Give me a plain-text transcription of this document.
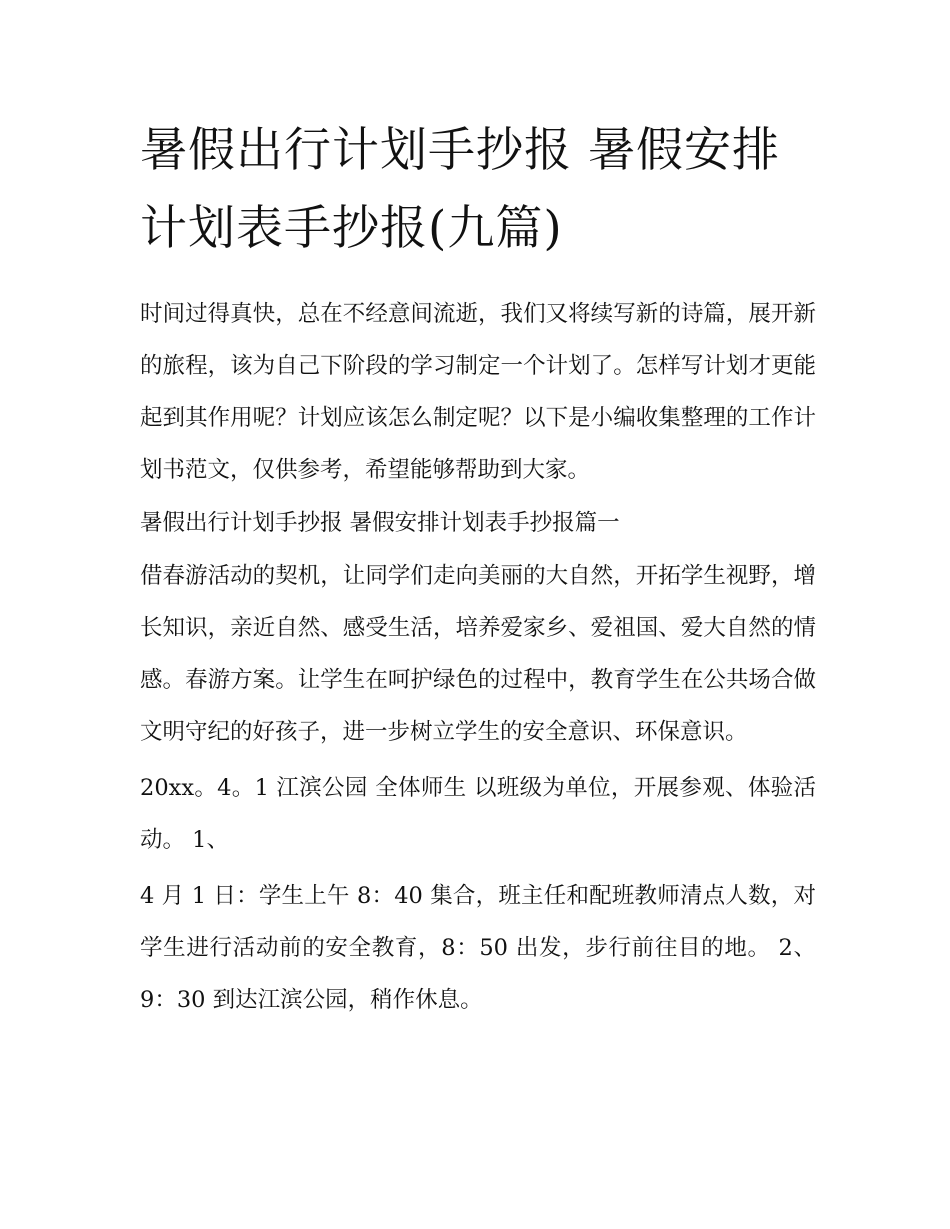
暑假出行计划手抄报 暑假安排计划表手抄报(九篇)

时间过得真快，总在不经意间流逝，我们又将续写新的诗篇，展开新的旅程，该为自己下阶段的学习制定一个计划了。怎样写计划才更能起到其作用呢？计划应该怎么制定呢？以下是小编收集整理的工作计划书范文，仅供参考，希望能够帮助到大家。

暑假出行计划手抄报 暑假安排计划表手抄报篇一

借春游活动的契机，让同学们走向美丽的大自然，开拓学生视野，增长知识，亲近自然、感受生活，培养爱家乡、爱祖国、爱大自然的情感。春游方案。让学生在呵护绿色的过程中，教育学生在公共场合做文明守纪的好孩子，进一步树立学生的安全意识、环保意识。

20xx。4。1 江滨公园 全体师生 以班级为单位，开展参观、体验活动。 1、

4 月 1 日：学生上午 8：40 集合，班主任和配班教师清点人数，对学生进行活动前的安全教育，8：50 出发，步行前往目的地。 2、 9：30 到达江滨公园，稍作休息。
